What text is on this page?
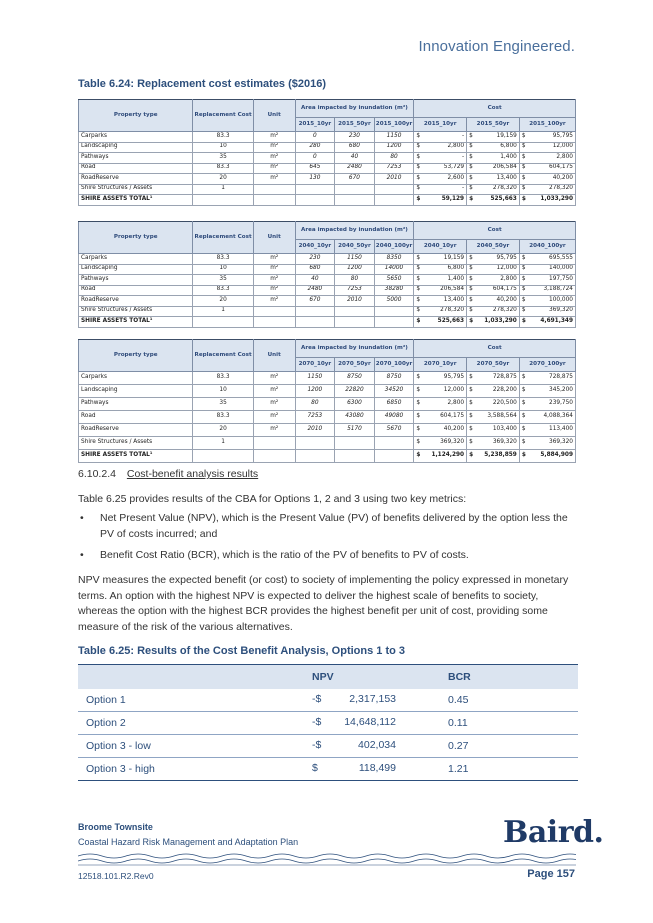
Innovation Engineered.
Table 6.24: Replacement cost estimates ($2016)
Property type	Replacement Cost	Unit	Area impacted by inundation (m²)			Cost		
			2015_10yr	2015_50yr	2015_100yr	2015_10yr	2015_50yr	2015_100yr
Carparks	83.3	m²	0	230	1150	$ -	$ 19,159	$ 95,795
Landscaping	10	m²	280	680	1200	$ 2,800	$ 6,800	$ 12,000
Pathways	35	m²	0	40	80	$ -	$ 1,400	$ 2,800
Road	83.3	m²	645	2480	7253	$ 53,729	$ 206,584	$ 604,175
RoadReserve	20	m²	130	670	2010	$ 2,600	$ 13,400	$ 40,200
Shire Structures / Assets	1					$ -	$ 278,320	$ 278,320
SHIRE ASSETS TOTAL¹						$ 59,129	$ 525,663	$ 1,033,290
Property type	Replacement Cost	Unit	Area impacted by inundation (m²)			Cost		
			2040_10yr	2040_50yr	2040_100yr	2040_10yr	2040_50yr	2040_100yr
Carparks	83.3	m²	230	1150	8350	$ 19,159	$ 95,795	$ 695,555
Landscaping	10	m²	680	1200	14000	$ 6,800	$ 12,000	$ 140,000
Pathways	35	m²	40	80	5650	$ 1,400	$ 2,800	$ 197,750
Road	83.3	m²	2480	7253	38280	$ 206,584	$ 604,175	$ 3,188,724
RoadReserve	20	m²	670	2010	5000	$ 13,400	$ 40,200	$ 100,000
Shire Structures / Assets	1					$ 278,320	$ 278,320	$ 369,320
SHIRE ASSETS TOTAL¹						$ 525,663	$ 1,033,290	$ 4,691,349
Property type	Replacement Cost	Unit	Area impacted by inundation (m²)			Cost		
			2070_10yr	2070_50yr	2070_100yr	2070_10yr	2070_50yr	2070_100yr
Carparks	83.3	m²	1150	8750	8750	$ 95,795	$ 728,875	$ 728,875
Landscaping	10	m²	1200	22820	34520	$ 12,000	$ 228,200	$ 345,200
Pathways	35	m²	80	6300	6850	$ 2,800	$ 220,500	$ 239,750
Road	83.3	m²	7253	43080	49080	$ 604,175	$ 3,588,564	$ 4,088,364
RoadReserve	20	m²	2010	5170	5670	$ 40,200	$ 103,400	$ 113,400
Shire Structures / Assets	1					$ 369,320	$ 369,320	$ 369,320
SHIRE ASSETS TOTAL¹						$ 1,124,290	$ 5,238,859	$ 5,884,909
6.10.2.4 Cost-benefit analysis results
Table 6.25 provides results of the CBA for Options 1, 2 and 3 using two key metrics:
• Net Present Value (NPV), which is the Present Value (PV) of benefits delivered by the option less the PV of costs incurred; and
• Benefit Cost Ratio (BCR), which is the ratio of the PV of benefits to PV of costs.
NPV measures the expected benefit (or cost) to society of implementing the policy expressed in monetary terms. An option with the highest NPV is expected to deliver the highest scale of benefits to society, whereas the option with the highest BCR provides the highest benefit per unit of cost, providing some measure of the risk of the various alternatives.
Table 6.25: Results of the Cost Benefit Analysis, Options 1 to 3
	NPV	BCR
Option 1	-$ 2,317,153	0.45
Option 2	-$ 14,648,112	0.11
Option 3 - low	-$ 402,034	0.27
Option 3 - high	$ 118,499	1.21
Broome Townsite
Coastal Hazard Risk Management and Adaptation Plan	Baird.
12518.101.R2.Rev0	Page 157
